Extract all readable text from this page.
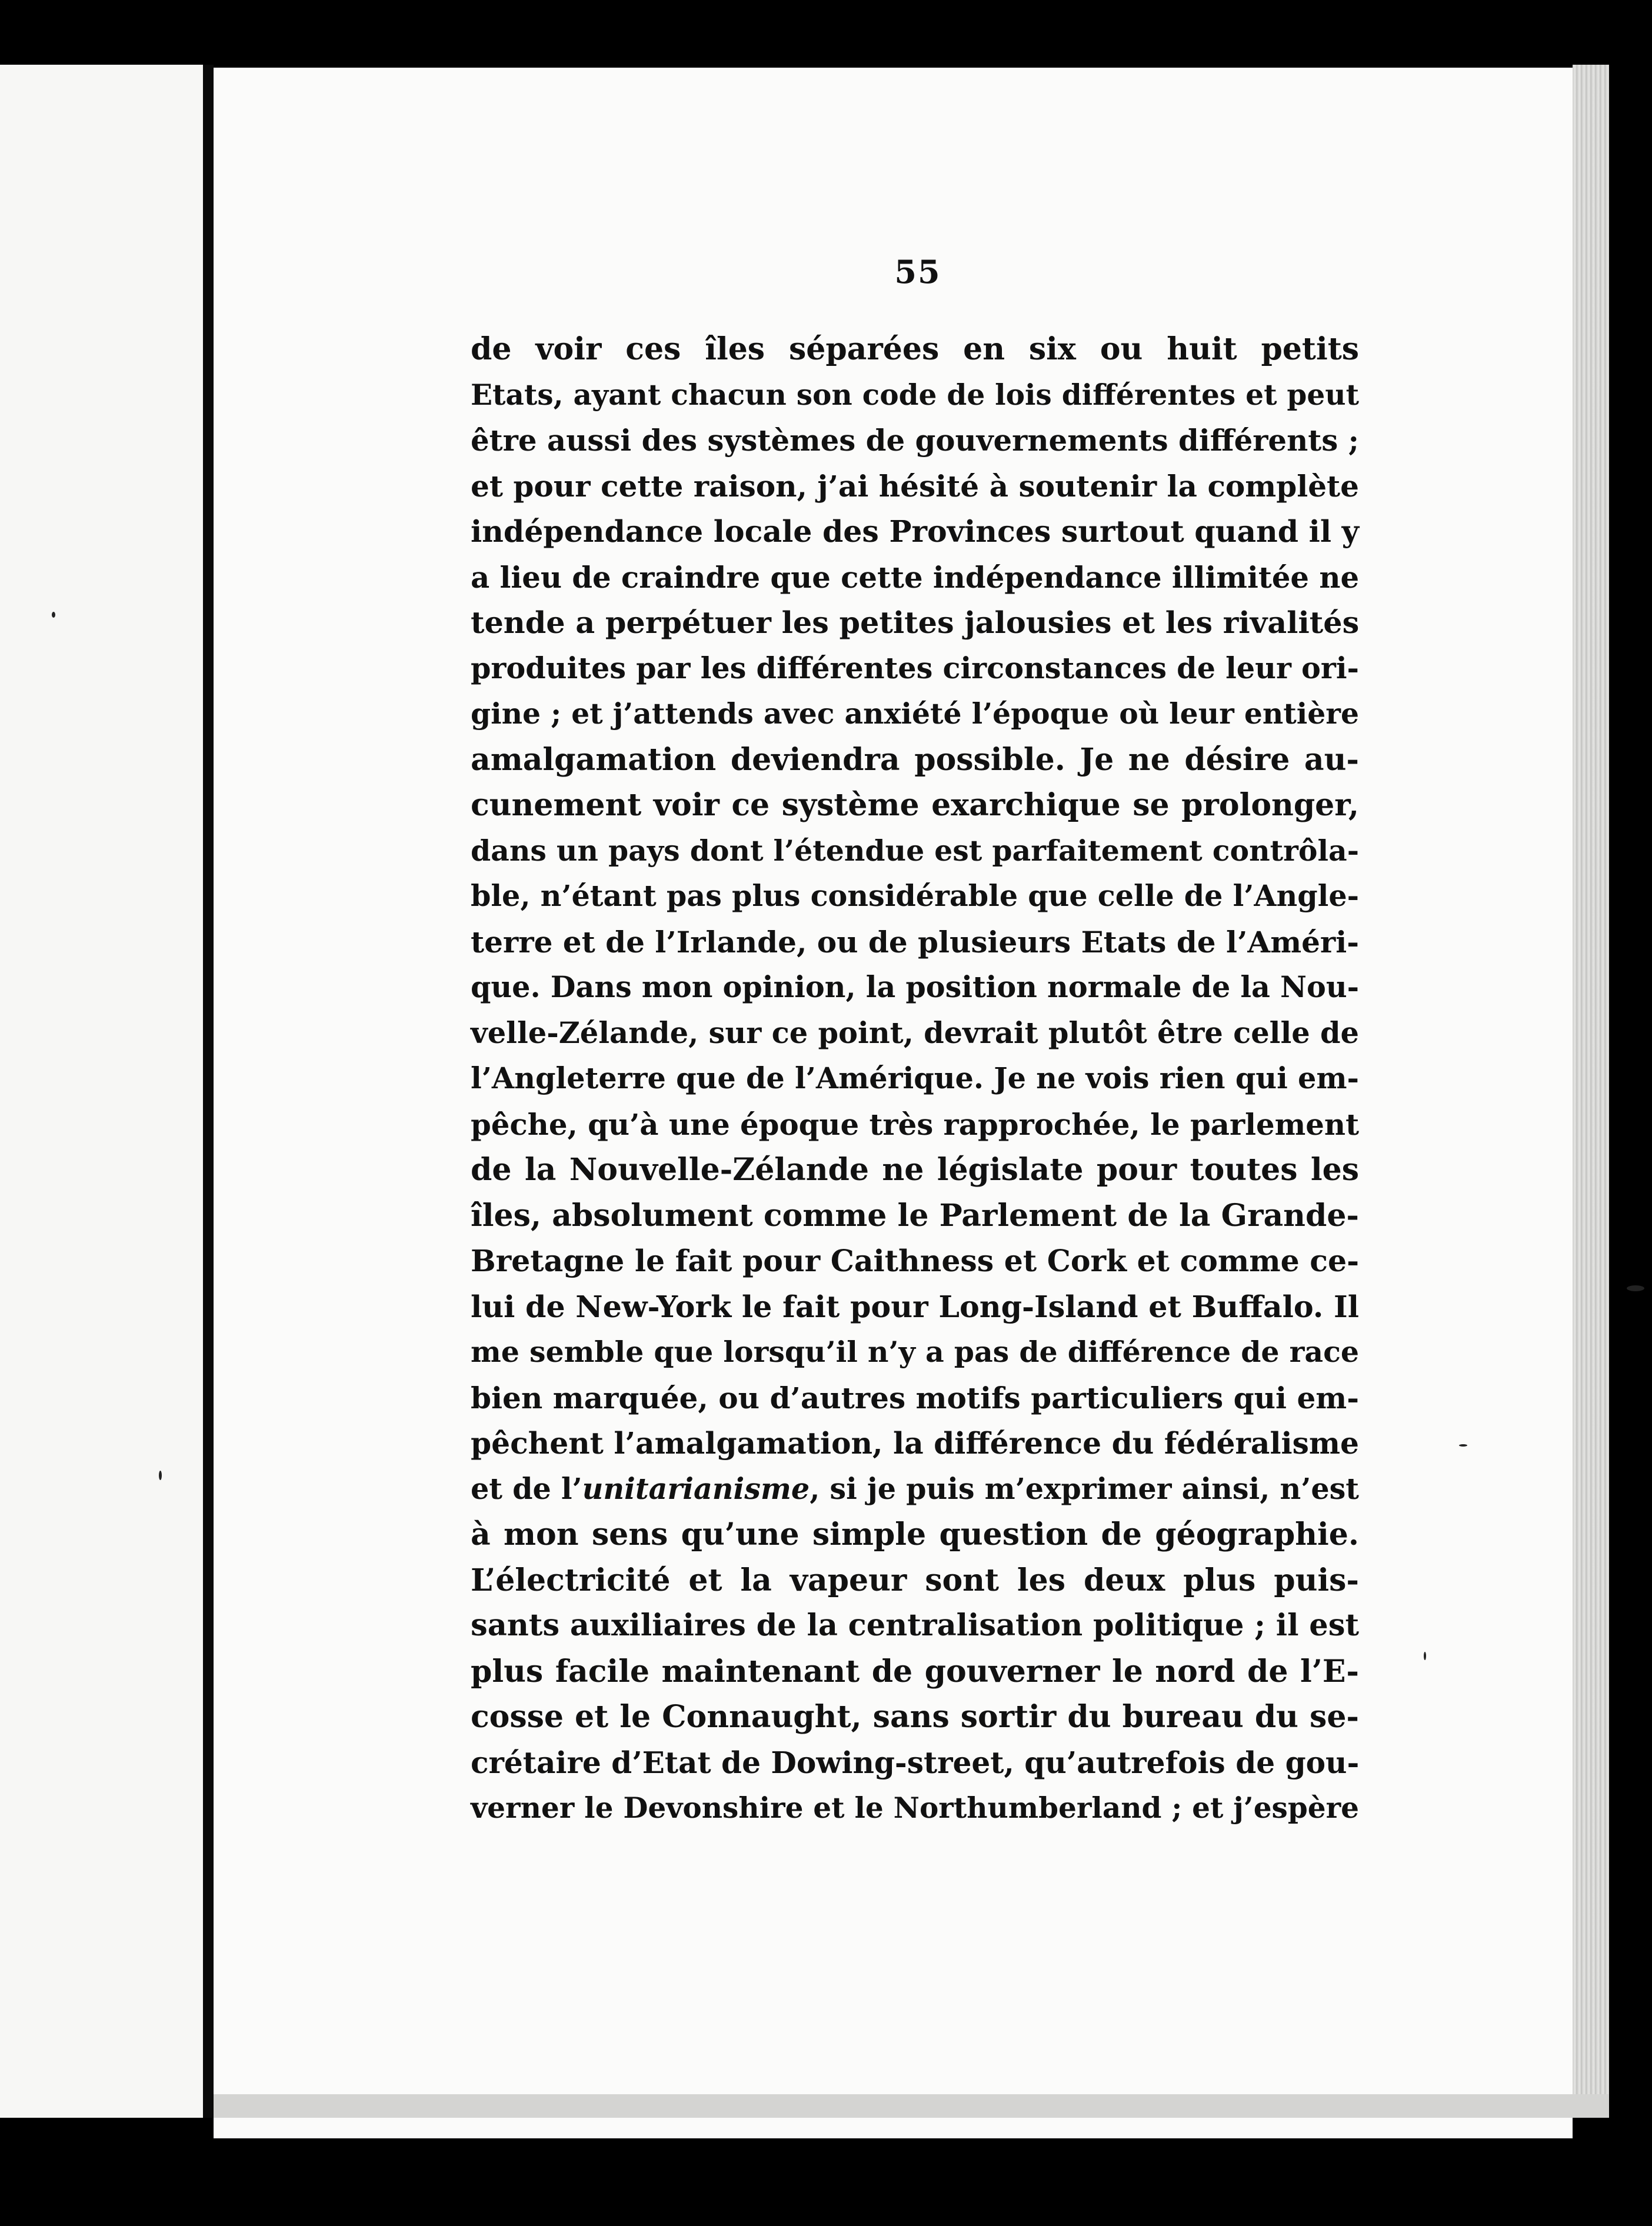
55
de voir ces îles séparées en six ou huit petits
Etats, ayant chacun son code de lois différentes et peut
être aussi des systèmes de gouvernements différents ;
et pour cette raison, j’ai hésité à soutenir la complète
indépendance locale des Provinces surtout quand il y
a lieu de craindre que cette indépendance illimitée ne
tende a perpétuer les petites jalousies et les rivalités
produites par les différentes circonstances de leur ori-
gine ; et j’attends avec anxiété l’époque où leur entière
amalgamation deviendra possible. Je ne désire au-
cunement voir ce système exarchique se prolonger,
dans un pays dont l’étendue est parfaitement contrôla-
ble, n’étant pas plus considérable que celle de l’Angle-
terre et de l’Irlande, ou de plusieurs Etats de l’Améri-
que. Dans mon opinion, la position normale de la Nou-
velle-Zélande, sur ce point, devrait plutôt être celle de
l’Angleterre que de l’Amérique. Je ne vois rien qui em-
pêche, qu’à une époque très rapprochée, le parlement
de la Nouvelle-Zélande ne législate pour toutes les
îles, absolument comme le Parlement de la Grande-
Bretagne le fait pour Caithness et Cork et comme ce-
lui de New-York le fait pour Long-Island et Buffalo. Il
me semble que lorsqu’il n’y a pas de différence de race
bien marquée, ou d’autres motifs particuliers qui em-
pêchent l’amalgamation, la différence du fédéralisme
et de l’unitarianisme, si je puis m’exprimer ainsi, n’est
à mon sens qu’une simple question de géographie.
L’électricité et la vapeur sont les deux plus puis-
sants auxiliaires de la centralisation politique ; il est
plus facile maintenant de gouverner le nord de l’E-
cosse et le Connaught, sans sortir du bureau du se-
crétaire d’Etat de Dowing-street, qu’autrefois de gou-
verner le Devonshire et le Northumberland ; et j’espère
